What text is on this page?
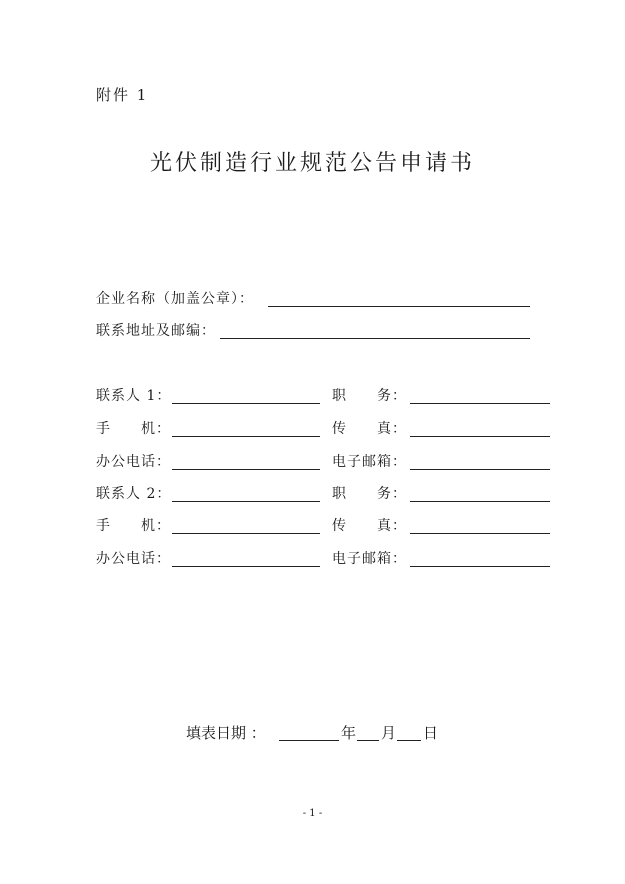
附件 1
光伏制造行业规范公告申请书
企业名称（加盖公章）：
联系地址及邮编：
联系人 1：	职　　务：
手　　机：	传　　真：
办公电话：	电子邮箱：
联系人 2：	职　　务：
手　　机：	传　　真：
办公电话：	电子邮箱：
填表日期 ：	年 月 日
- 1 -
